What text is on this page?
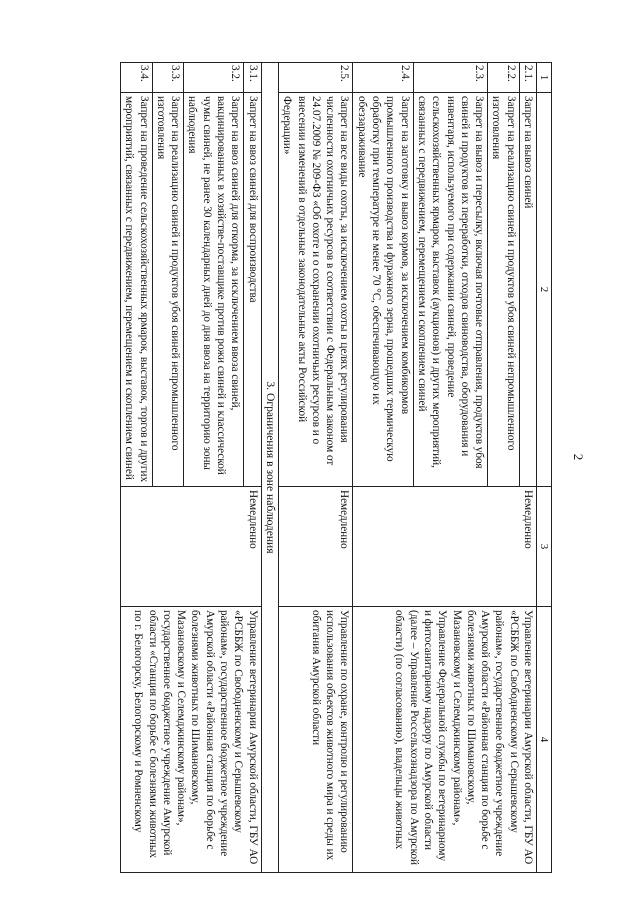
2
1	2	3	4
2.1.	Запрет на вывоз свиней	Немедленно	Управление ветеринарии Амурской области, ГБУ АО «РСББЖ по Свободненскому и Серышевскому районам», государственное бюджетное учреждение Амурской области «Районная станция по борьбе с болезнями животных по Шимановскому, Мазановскому и Селемджинскому районам», Управление Федеральной службы по ветеринарному и фитосанитарному надзору по Амурской области (далее – Управление Россельхознадзора по Амурской области) (по согласованию), владельцы животных
2.2.	Запрет на реализацию свиней и продуктов убоя свиней непромышленного изготовления		
2.3.	Запрет на вывоз и пересылку, включая почтовые отправления, продуктов убоя свиней и продуктов их переработки, отходов свиноводства, оборудования и инвентаря, используемого при содержании свиней, проведение сельскохозяйственных ярмарок, выставок (аукционов) и других мероприятий, связанных с передвижением, перемещением и скоплением свиней		
2.4.	Запрет на заготовку и вывоз кормов, за исключением комбикормов промышленного производства и фуражного зерна, прошедших термическую обработку при температуре не менее 70 °С, обеспечивающую их обеззараживание		
2.5.	Запрет на все виды охоты, за исключением охоты в целях регулирования численности охотничьих ресурсов в соответствии с Федеральным законом от 24.07.2009 № 209-ФЗ «Об охоте и о сохранении охотничьих ресурсов и о внесении изменений в отдельные законодательные акты Российской Федерации»	Немедленно	Управление по охране, контролю и регулированию использования объектов животного мира и среды их обитания Амурской области
3. Ограничения в зоне наблюдения			
3.1.	Запрет на ввоз свиней для воспроизводства	Немедленно	Управление ветеринарии Амурской области, ГБУ АО «РСББЖ по Свободненскому и Серышевскому районам», государственное бюджетное учреждение Амурской области «Районная станция по борьбе с болезнями животных по Шимановскому, Мазановскому и Селемджинскому районам», государственное бюджетное учреждение Амурской области «Станция по борьбе с болезнями животных по г. Белогорску, Белогорскому и Ромненскому
3.2.	Запрет на ввоз свиней для откорма, за исключением ввоза свиней, вакцинированных в хозяйстве-поставщике против рожи свиней и классической чумы свиней, не ранее 30 календарных дней до дня ввоза на территорию зоны наблюдения		
3.3.	Запрет на реализацию свиней и продуктов убоя свиней непромышленного изготовления		
3.4.	Запрет на проведение сельскохозяйственных ярмарок, выставок, торгов и других мероприятий, связанных с передвижением, перемещением и скоплением свиней		
